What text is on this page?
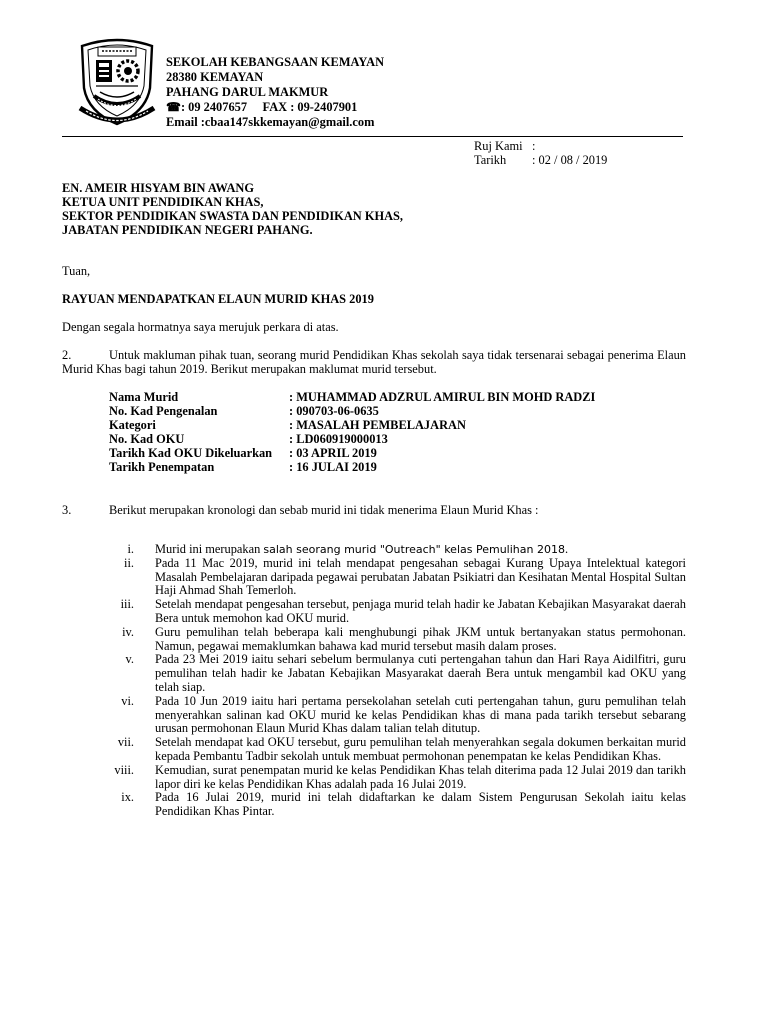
SEKOLAH KEBANGSAAN KEMAYAN
28380 KEMAYAN
PAHANG DARUL MAKMUR
☎: 09 2407657 FAX : 09-2407901
Email :cbaa147skkemayan@gmail.com
Ruj Kami :
Tarikh : 02 / 08 / 2019
EN. AMEIR HISYAM BIN AWANG
KETUA UNIT PENDIDIKAN KHAS,
SEKTOR PENDIDIKAN SWASTA DAN PENDIDIKAN KHAS,
JABATAN PENDIDIKAN NEGERI PAHANG.
Tuan,
RAYUAN MENDAPATKAN ELAUN MURID KHAS 2019
Dengan segala hormatnya saya merujuk perkara di atas.
2.	Untuk makluman pihak tuan, seorang murid Pendidikan Khas sekolah saya tidak tersenarai sebagai penerima Elaun Murid Khas bagi tahun 2019. Berikut merupakan maklumat murid tersebut.
Nama Murid	: MUHAMMAD ADZRUL AMIRUL BIN MOHD RADZI
No. Kad Pengenalan	: 090703-06-0635
Kategori	: MASALAH PEMBELAJARAN
No. Kad OKU	: LD060919000013
Tarikh Kad OKU Dikeluarkan : 03 APRIL 2019
Tarikh Penempatan	: 16 JULAI 2019
3.	Berikut merupakan kronologi dan sebab murid ini tidak menerima Elaun Murid Khas :
i.	Murid ini merupakan salah seorang murid "Outreach" kelas Pemulihan 2018.
ii.	Pada 11 Mac 2019, murid ini telah mendapat pengesahan sebagai Kurang Upaya Intelektual kategori Masalah Pembelajaran daripada pegawai perubatan Jabatan Psikiatri dan Kesihatan Mental Hospital Sultan Haji Ahmad Shah Temerloh.
iii.	Setelah mendapat pengesahan tersebut, penjaga murid telah hadir ke Jabatan Kebajikan Masyarakat daerah Bera untuk memohon kad OKU murid.
iv.	Guru pemulihan telah beberapa kali menghubungi pihak JKM untuk bertanyakan status permohonan. Namun, pegawai memaklumkan bahawa kad murid tersebut masih dalam proses.
v.	Pada 23 Mei 2019 iaitu sehari sebelum bermulanya cuti pertengahan tahun dan Hari Raya Aidilfitri, guru pemulihan telah hadir ke Jabatan Kebajikan Masyarakat daerah Bera untuk mengambil kad OKU yang telah siap.
vi.	Pada 10 Jun 2019 iaitu hari pertama persekolahan setelah cuti pertengahan tahun, guru pemulihan telah menyerahkan salinan kad OKU murid ke kelas Pendidikan khas di mana pada tarikh tersebut sebarang urusan permohonan Elaun Murid Khas dalam talian telah ditutup.
vii.	Setelah mendapat kad OKU tersebut, guru pemulihan telah menyerahkan segala dokumen berkaitan murid kepada Pembantu Tadbir sekolah untuk membuat permohonan penempatan ke kelas Pendidikan Khas.
viii.	Kemudian, surat penempatan murid ke kelas Pendidikan Khas telah diterima pada 12 Julai 2019 dan tarikh lapor diri ke kelas Pendidikan Khas adalah pada 16 Julai 2019.
ix.	Pada 16 Julai 2019, murid ini telah didaftarkan ke dalam Sistem Pengurusan Sekolah iaitu kelas Pendidikan Khas Pintar.
